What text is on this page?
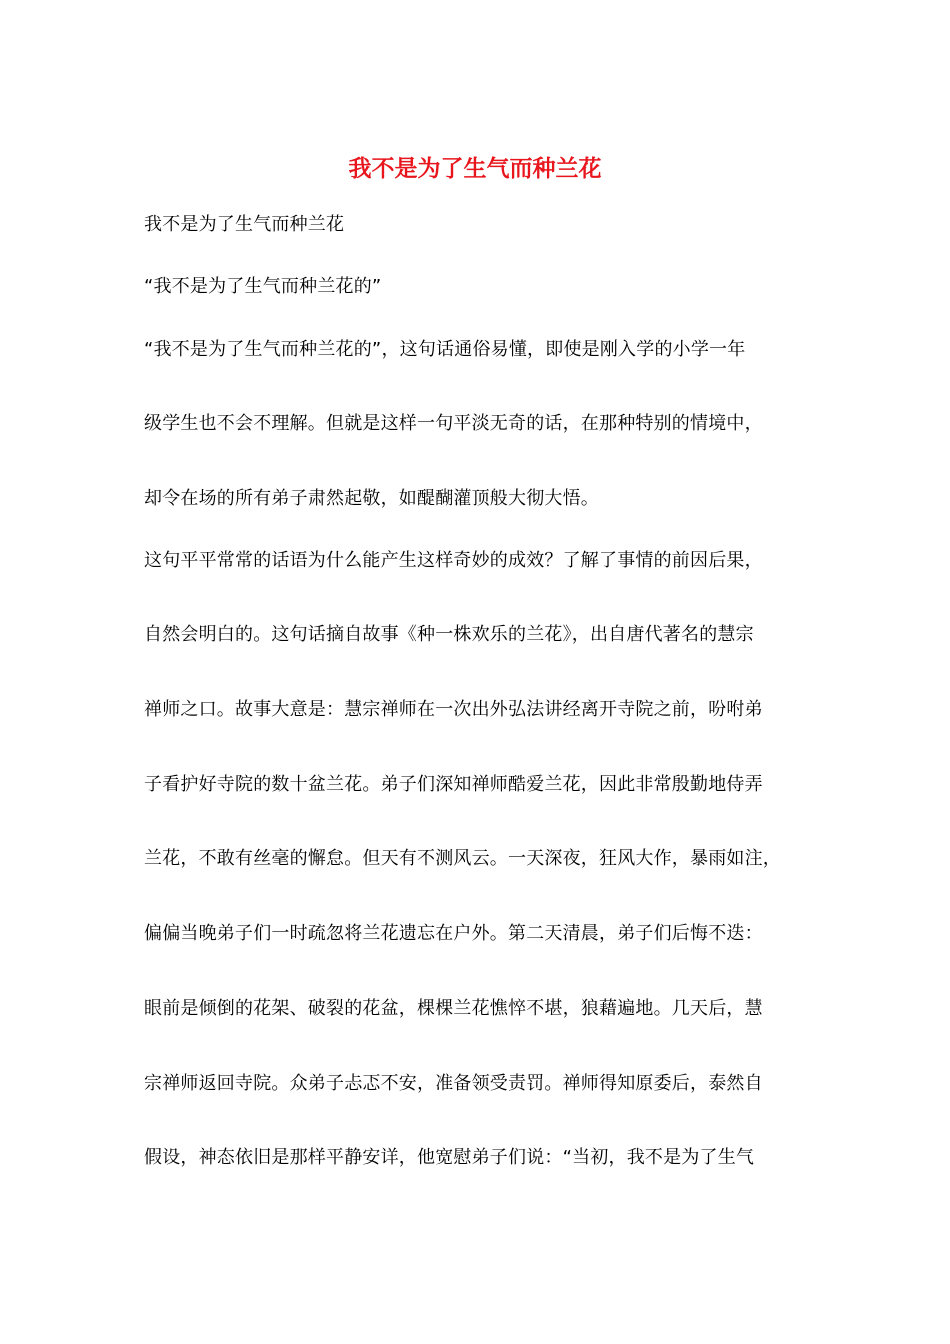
我不是为了生气而种兰花
我不是为了生气而种兰花
“我不是为了生气而种兰花的”
“我不是为了生气而种兰花的”，这句话通俗易懂，即使是刚入学的小学一年
级学生也不会不理解。但就是这样一句平淡无奇的话，在那种特别的情境中，
却令在场的所有弟子肃然起敬，如醍醐灌顶般大彻大悟。
这句平平常常的话语为什么能产生这样奇妙的成效？了解了事情的前因后果，
自然会明白的。这句话摘自故事《种一株欢乐的兰花》，出自唐代著名的慧宗
禅师之口。故事大意是：慧宗禅师在一次出外弘法讲经离开寺院之前，吩咐弟
子看护好寺院的数十盆兰花。弟子们深知禅师酷爱兰花，因此非常殷勤地侍弄
兰花，不敢有丝毫的懈怠。但天有不测风云。一天深夜，狂风大作，暴雨如注，
偏偏当晚弟子们一时疏忽将兰花遗忘在户外。第二天清晨，弟子们后悔不迭：
眼前是倾倒的花架、破裂的花盆，棵棵兰花憔悴不堪，狼藉遍地。几天后，慧
宗禅师返回寺院。众弟子忐忑不安，准备领受责罚。禅师得知原委后，泰然自
假设，神态依旧是那样平静安详，他宽慰弟子们说：“当初，我不是为了生气
